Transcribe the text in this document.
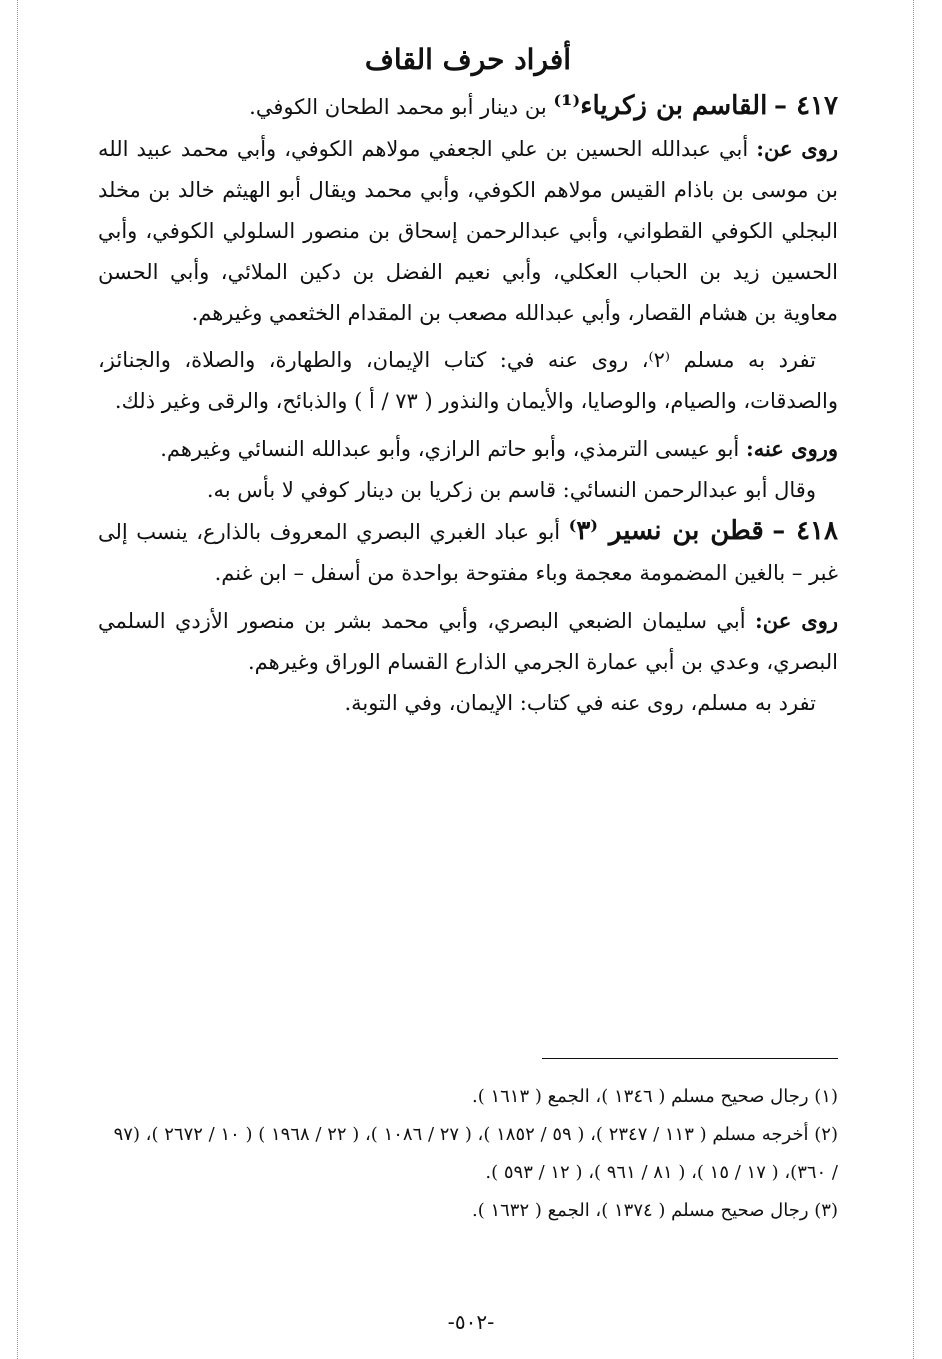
أفراد حرف القاف

٤١٧ – القاسم بن زكرياء⁽¹⁾ بن دينار أبو محمد الطحان الكوفي.

روى عن: أبي عبدالله الحسين بن علي الجعفي مولاهم الكوفي، وأبي محمد عبيد الله بن موسى بن باذام القيس مولاهم الكوفي، وأبي محمد ويقال أبو الهيثم خالد بن مخلد البجلي الكوفي القطواني، وأبي عبدالرحمن إسحاق بن منصور السلولي الكوفي، وأبي الحسين زيد بن الحباب العكلي، وأبي نعيم الفضل بن دكين الملائي، وأبي الحسن معاوية بن هشام القصار، وأبي عبدالله مصعب بن المقدام الخثعمي وغيرهم.

تفرد به مسلم ⁽٢⁾، روى عنه في: كتاب الإيمان، والطهارة، والصلاة، والجنائز، والصدقات، والصيام، والوصايا، والأيمان والنذور ( ٧٣ / أ ) والذبائح، والرقى وغير ذلك.

وروى عنه: أبو عيسى الترمذي، وأبو حاتم الرازي، وأبو عبدالله النسائي وغيرهم.

وقال أبو عبدالرحمن النسائي: قاسم بن زكريا بن دينار كوفي لا بأس به.

٤١٨ – قطن بن نسير ⁽٣⁾ أبو عباد الغبري البصري المعروف بالذارع، ينسب إلى غبر – بالغين المضمومة معجمة وباء مفتوحة بواحدة من أسفل – ابن غنم.

روى عن: أبي سليمان الضبعي البصري، وأبي محمد بشر بن منصور الأزدي السلمي البصري، وعدي بن أبي عمارة الجرمي الذارع القسام الوراق وغيرهم.

تفرد به مسلم، روى عنه في كتاب: الإيمان، وفي التوبة.

(١) رجال صحيح مسلم ( ١٣٤٦ )، الجمع ( ١٦١٣ ).

(٢) أخرجه مسلم ( ١١٣ / ٢٣٤٧ )، ( ٥٩ / ١٨٥٢ )، ( ٢٧ / ١٠٨٦ )، ( ٢٢ / ١٩٦٨ ) ( ١٠ / ٢٦٧٢ )، (٩٧ / ٣٦٠)، ( ١٧ / ١٥ )، ( ٨١ / ٩٦١ )، ( ١٢ / ٥٩٣ ).

(٣) رجال صحيح مسلم ( ١٣٧٤ )، الجمع ( ١٦٣٢ ).

-٥٠٢-
